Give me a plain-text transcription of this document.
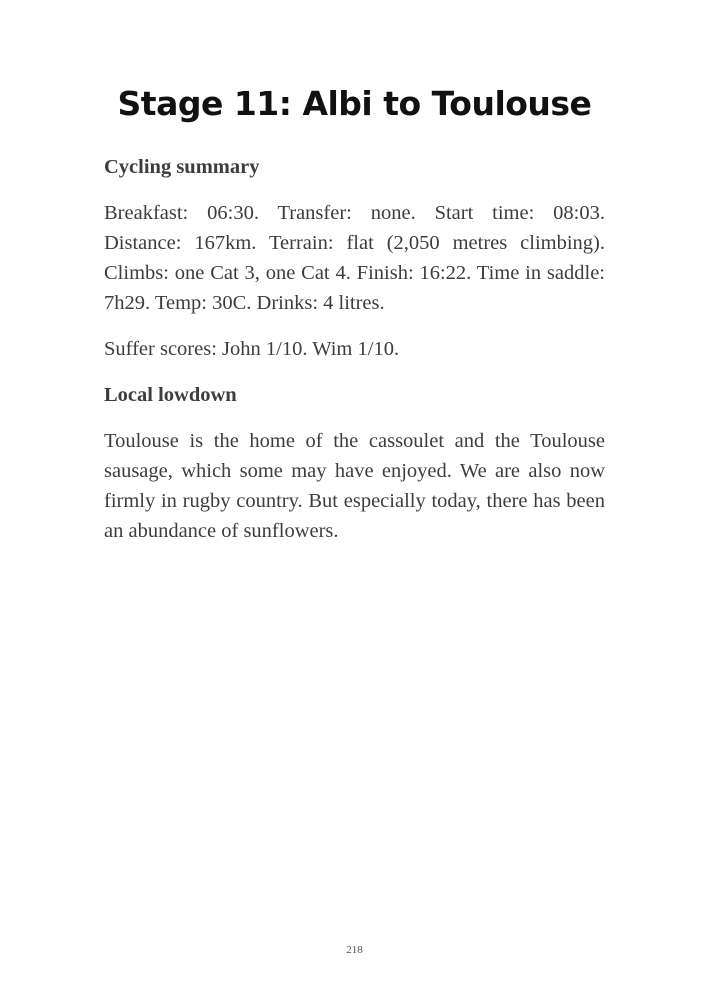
Stage 11: Albi to Toulouse
Cycling summary

Breakfast: 06:30. Transfer: none. Start time: 08:03. Distance: 167km. Terrain: flat (2,050 metres climbing). Climbs: one Cat 3, one Cat 4. Finish: 16:22. Time in saddle: 7h29. Temp: 30C. Drinks: 4 litres.

Suffer scores: John 1/10. Wim 1/10.

Local lowdown

Toulouse is the home of the cassoulet and the Toulouse sausage, which some may have enjoyed. We are also now firmly in rugby country. But especially today, there has been an abundance of sunflowers.

218
